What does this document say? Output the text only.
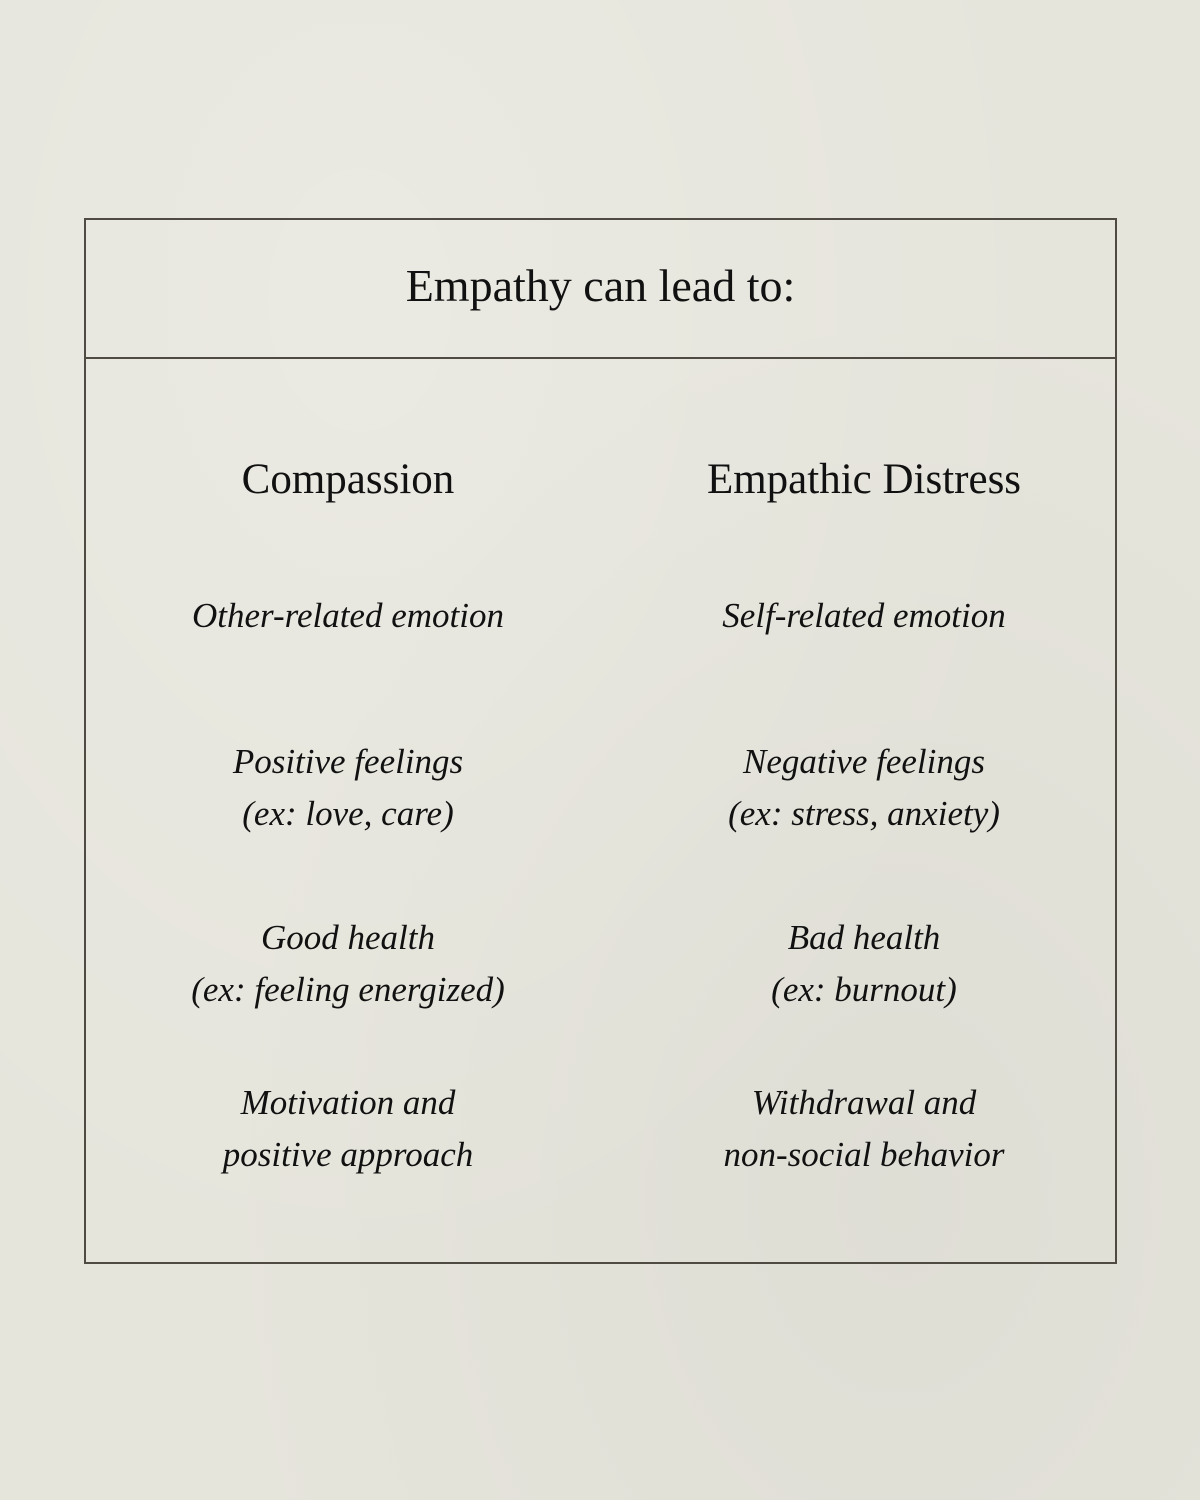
Empathy can lead to:
Compassion
Other-related emotion
Positive feelings
(ex: love, care)
Good health
(ex: feeling energized)
Motivation and
positive approach
Empathic Distress
Self-related emotion
Negative feelings
(ex: stress, anxiety)
Bad health
(ex: burnout)
Withdrawal and
non-social behavior
